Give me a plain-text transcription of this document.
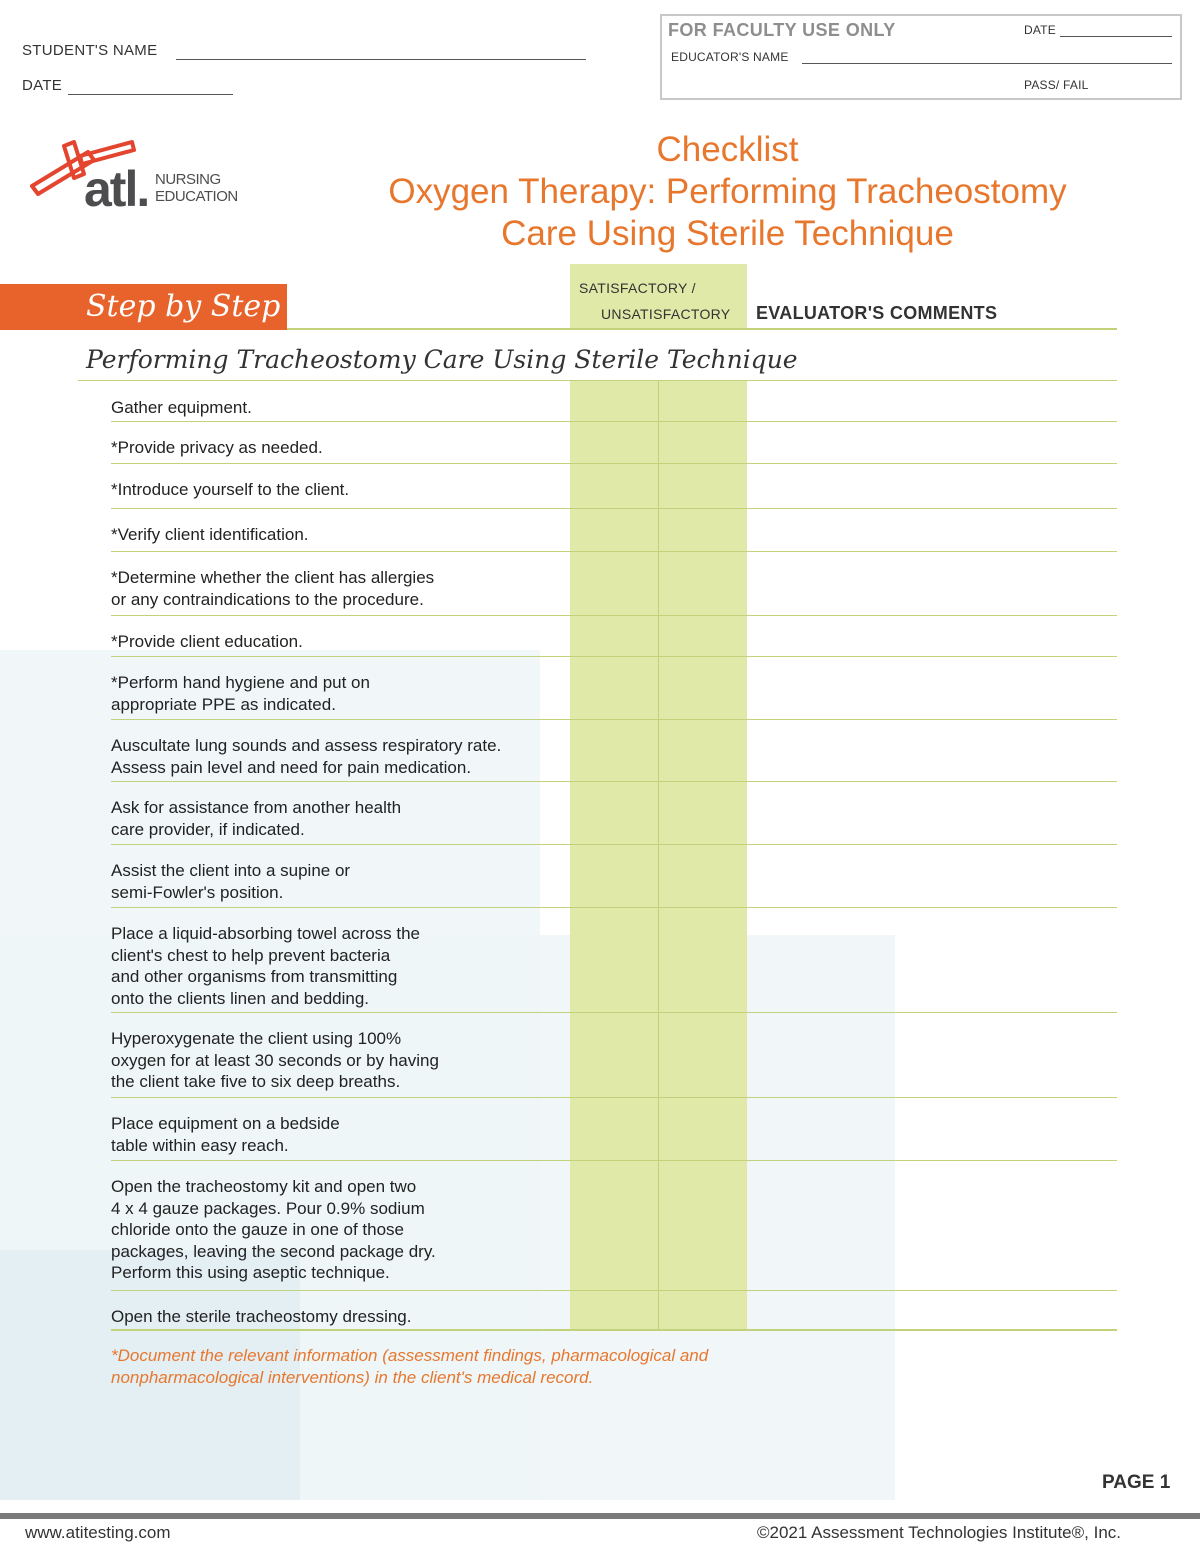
STUDENT'S NAME
DATE
FOR FACULTY USE ONLY	DATE
EDUCATOR'S NAME
PASS/ FAIL
atl. NURSING
EDUCATION
Checklist
Oxygen Therapy: Performing Tracheostomy
Care Using Sterile Technique
Step by Step
SATISFACTORY /
UNSATISFACTORY EVALUATOR'S COMMENTS
Performing Tracheostomy Care Using Sterile Technique
Gather equipment.
*Provide privacy as needed.
*Introduce yourself to the client.
*Verify client identification.
*Determine whether the client has allergies
or any contraindications to the procedure.
*Provide client education.
*Perform hand hygiene and put on
appropriate PPE as indicated.
Auscultate lung sounds and assess respiratory rate.
Assess pain level and need for pain medication.
Ask for assistance from another health
care provider, if indicated.
Assist the client into a supine or
semi-Fowler's position.
Place a liquid-absorbing towel across the
client's chest to help prevent bacteria
and other organisms from transmitting
onto the clients linen and bedding.
Hyperoxygenate the client using 100%
oxygen for at least 30 seconds or by having
the client take five to six deep breaths.
Place equipment on a bedside
table within easy reach.
Open the tracheostomy kit and open two
4 x 4 gauze packages. Pour 0.9% sodium
chloride onto the gauze in one of those
packages, leaving the second package dry.
Perform this using aseptic technique.
Open the sterile tracheostomy dressing.
*Document the relevant information (assessment findings, pharmacological and
nonpharmacological interventions) in the client's medical record.
PAGE 1
www.atitesting.com	©2021 Assessment Technologies Institute®, Inc.
